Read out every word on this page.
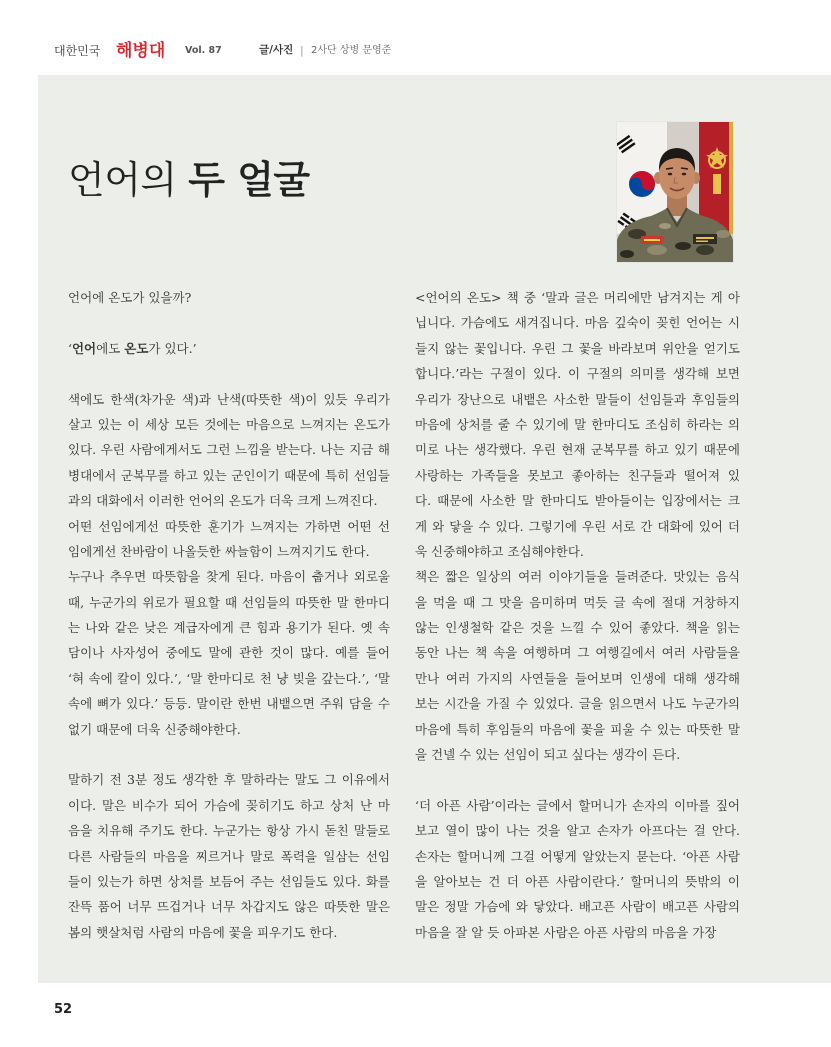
대한민국 해병대 Vol. 87	글/사진 | 2사단 상병 문영준
언어의 두 얼굴
언어에 온도가 있을까?
‘언어에도 온도가 있다.’
색에도 한색(차가운 색)과 난색(따뜻한 색)이 있듯 우리가
살고 있는 이 세상 모든 것에는 마음으로 느껴지는 온도가
있다. 우린 사람에게서도 그런 느낌을 받는다. 나는 지금 해
병대에서 군복무를 하고 있는 군인이기 때문에 특히 선임들
과의 대화에서 이러한 언어의 온도가 더욱 크게 느껴진다.
어떤 선임에게선 따뜻한 훈기가 느껴지는 가하면 어떤 선
임에게선 찬바람이 나올듯한 싸늘함이 느껴지기도 한다.
누구나 추우면 따뜻함을 찾게 된다. 마음이 춥거나 외로울
때, 누군가의 위로가 필요할 때 선임들의 따뜻한 말 한마디
는 나와 같은 낮은 계급자에게 큰 힘과 용기가 된다. 옛 속
담이나 사자성어 중에도 말에 관한 것이 많다. 예를 들어
‘혀 속에 칼이 있다.’, ‘말 한마디로 천 냥 빚을 갚는다.’, ‘말
속에 뼈가 있다.’ 등등. 말이란 한번 내뱉으면 주워 담을 수
없기 때문에 더욱 신중해야한다.
말하기 전 3분 정도 생각한 후 말하라는 말도 그 이유에서
이다. 말은 비수가 되어 가슴에 꽂히기도 하고 상처 난 마
음을 치유해 주기도 한다. 누군가는 항상 가시 돋친 말들로
다른 사람들의 마음을 찌르거나 말로 폭력을 일삼는 선임
들이 있는가 하면 상처를 보듬어 주는 선임들도 있다. 화를
잔뜩 품어 너무 뜨겁거나 너무 차갑지도 않은 따뜻한 말은
봄의 햇살처럼 사람의 마음에 꽃을 피우기도 한다.
<언어의 온도> 책 중 ‘말과 글은 머리에만 남겨지는 게 아
닙니다. 가슴에도 새겨집니다. 마음 깊숙이 꽂힌 언어는 시
들지 않는 꽃입니다. 우린 그 꽃을 바라보며 위안을 얻기도
합니다.’라는 구절이 있다. 이 구절의 의미를 생각해 보면
우리가 장난으로 내뱉은 사소한 말들이 선임들과 후임들의
마음에 상처를 줄 수 있기에 말 한마디도 조심히 하라는 의
미로 나는 생각했다. 우린 현재 군복무를 하고 있기 때문에
사랑하는 가족들을 못보고 좋아하는 친구들과 떨어져 있
다. 때문에 사소한 말 한마디도 받아들이는 입장에서는 크
게 와 닿을 수 있다. 그렇기에 우린 서로 간 대화에 있어 더
욱 신중해야하고 조심해야한다.
책은 짧은 일상의 여러 이야기들을 들려준다. 맛있는 음식
을 먹을 때 그 맛을 음미하며 먹듯 글 속에 절대 거창하지
않는 인생철학 같은 것을 느낄 수 있어 좋았다. 책을 읽는
동안 나는 책 속을 여행하며 그 여행길에서 여러 사람들을
만나 여러 가지의 사연들을 들어보며 인생에 대해 생각해
보는 시간을 가질 수 있었다. 글을 읽으면서 나도 누군가의
마음에 특히 후임들의 마음에 꽃을 피울 수 있는 따뜻한 말
을 건넬 수 있는 선임이 되고 싶다는 생각이 든다.
‘더 아픈 사람’이라는 글에서 할머니가 손자의 이마를 짚어
보고 열이 많이 나는 것을 알고 손자가 아프다는 걸 안다.
손자는 할머니께 그걸 어떻게 알았는지 묻는다. ‘아픈 사람
을 알아보는 건 더 아픈 사람이란다.’ 할머니의 뜻밖의 이
말은 정말 가슴에 와 닿았다. 배고픈 사람이 배고픈 사람의
마음을 잘 알 듯 아파본 사람은 아픈 사람의 마음을 가장
52
